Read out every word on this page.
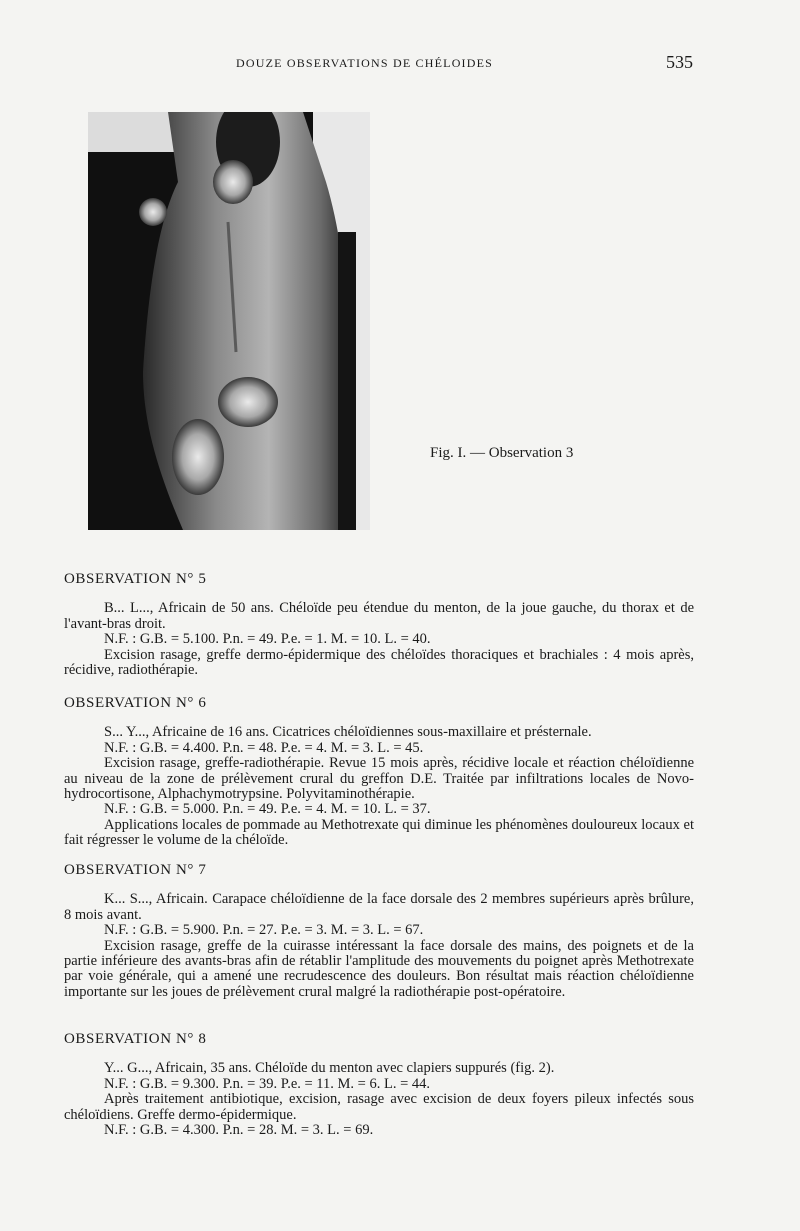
DOUZE OBSERVATIONS DE CHÉLOIDES	535
Fig. I. — Observation 3
OBSERVATION N° 5

B... L..., Africain de 50 ans. Chéloïde peu étendue du menton, de la joue gauche, du thorax et de l'avant-bras droit.

N.F. : G.B. = 5.100. P.n. = 49. P.e. = 1. M. = 10. L. = 40.

Excision rasage, greffe dermo-épidermique des chéloïdes thoraciques et brachiales : 4 mois après, récidive, radiothérapie.

OBSERVATION N° 6

S... Y..., Africaine de 16 ans. Cicatrices chéloïdiennes sous-maxillaire et présternale.

N.F. : G.B. = 4.400. P.n. = 48. P.e. = 4. M. = 3. L. = 45.

Excision rasage, greffe-radiothérapie. Revue 15 mois après, récidive locale et réaction chéloïdienne au niveau de la zone de prélèvement crural du greffon D.E. Traitée par infiltrations locales de Novo-hydrocortisone, Alphachymotrypsine. Polyvitaminothérapie.

N.F. : G.B. = 5.000. P.n. = 49. P.e. = 4. M. = 10. L. = 37.

Applications locales de pommade au Methotrexate qui diminue les phénomènes douloureux locaux et fait régresser le volume de la chéloïde.

OBSERVATION N° 7

K... S..., Africain. Carapace chéloïdienne de la face dorsale des 2 membres supérieurs après brûlure, 8 mois avant.

N.F. : G.B. = 5.900. P.n. = 27. P.e. = 3. M. = 3. L. = 67.

Excision rasage, greffe de la cuirasse intéressant la face dorsale des mains, des poignets et de la partie inférieure des avants-bras afin de rétablir l'amplitude des mouvements du poignet après Methotrexate par voie générale, qui a amené une recrudescence des douleurs. Bon résultat mais réaction chéloïdienne importante sur les joues de prélèvement crural malgré la radiothérapie post-opératoire.

OBSERVATION N° 8

Y... G..., Africain, 35 ans. Chéloïde du menton avec clapiers suppurés (fig. 2).

N.F. : G.B. = 9.300. P.n. = 39. P.e. = 11. M. = 6. L. = 44.

Après traitement antibiotique, excision, rasage avec excision de deux foyers pileux infectés sous chéloïdiens. Greffe dermo-épidermique.

N.F. : G.B. = 4.300. P.n. = 28. M. = 3. L. = 69.
